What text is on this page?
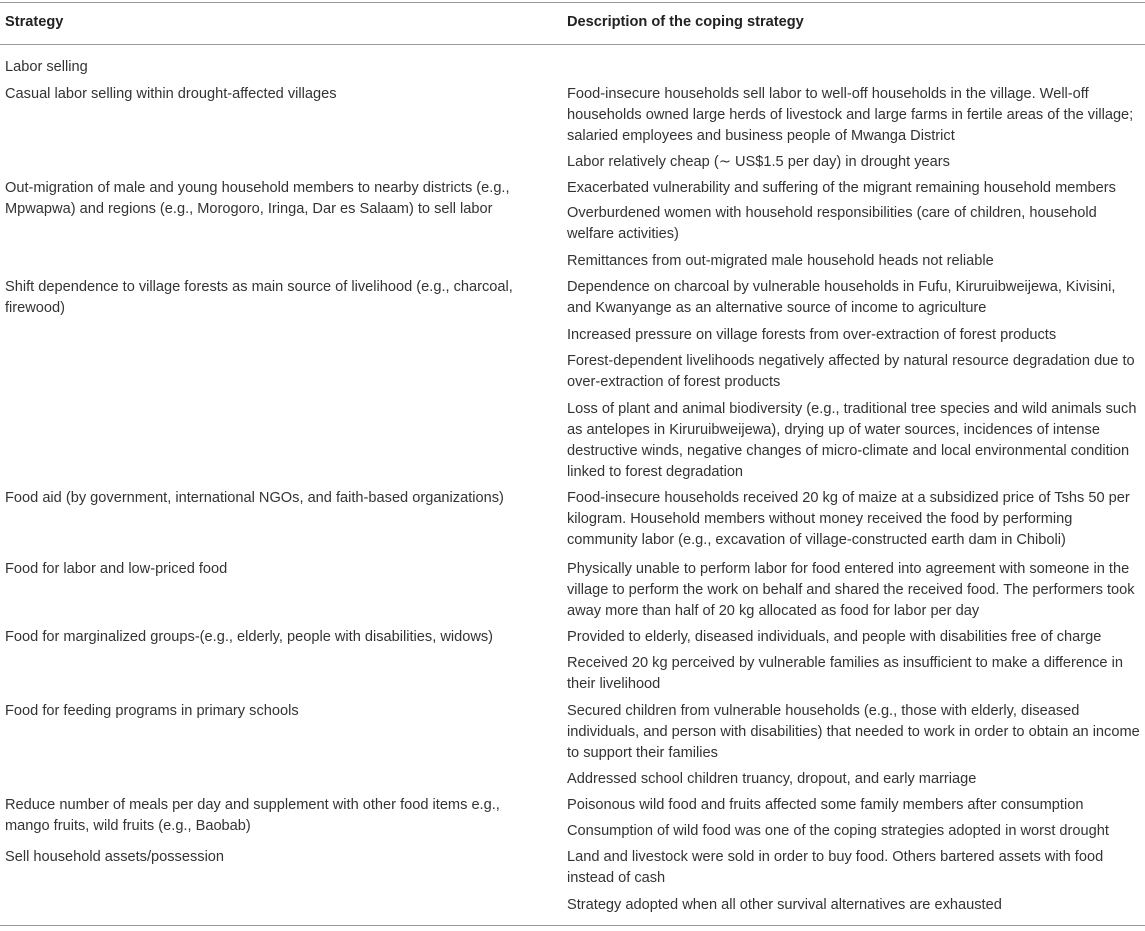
Strategy	Description of the coping strategy
Labor selling
Casual labor selling within drought-affected villages
Out-migration of male and young household members to nearby districts (e.g., Mpwapwa) and regions (e.g., Morogoro, Iringa, Dar es Salaam) to sell labor
Shift dependence to village forests as main source of livelihood (e.g., charcoal, firewood)
Food aid (by government, international NGOs, and faith-based organizations)
Food for labor and low-priced food
Food for marginalized groups-(e.g., elderly, people with disabilities, widows)
Food for feeding programs in primary schools
Reduce number of meals per day and supplement with other food items e.g., mango fruits, wild fruits (e.g., Baobab)
Sell household assets/possession
Food-insecure households sell labor to well-off households in the village. Well-off households owned large herds of livestock and large farms in fertile areas of the village; salaried employees and business people of Mwanga District
Labor relatively cheap (∼ US$1.5 per day) in drought years
Exacerbated vulnerability and suffering of the migrant remaining household members
Overburdened women with household responsibilities (care of children, household welfare activities)
Remittances from out-migrated male household heads not reliable
Dependence on charcoal by vulnerable households in Fufu, Kiruruibweijewa, Kivisini, and Kwanyange as an alternative source of income to agriculture
Increased pressure on village forests from over-extraction of forest products
Forest-dependent livelihoods negatively affected by natural resource degradation due to over-extraction of forest products
Loss of plant and animal biodiversity (e.g., traditional tree species and wild animals such as antelopes in Kiruruibweijewa), drying up of water sources, incidences of intense destructive winds, negative changes of micro-climate and local environmental condition linked to forest degradation
Food-insecure households received 20 kg of maize at a subsidized price of Tshs 50 per kilogram. Household members without money received the food by performing community labor (e.g., excavation of village-constructed earth dam in Chiboli)
Physically unable to perform labor for food entered into agreement with someone in the village to perform the work on behalf and shared the received food. The performers took away more than half of 20 kg allocated as food for labor per day
Provided to elderly, diseased individuals, and people with disabilities free of charge
Received 20 kg perceived by vulnerable families as insufficient to make a difference in their livelihood
Secured children from vulnerable households (e.g., those with elderly, diseased individuals, and person with disabilities) that needed to work in order to obtain an income to support their families
Addressed school children truancy, dropout, and early marriage
Poisonous wild food and fruits affected some family members after consumption
Consumption of wild food was one of the coping strategies adopted in worst drought
Land and livestock were sold in order to buy food. Others bartered assets with food instead of cash
Strategy adopted when all other survival alternatives are exhausted
